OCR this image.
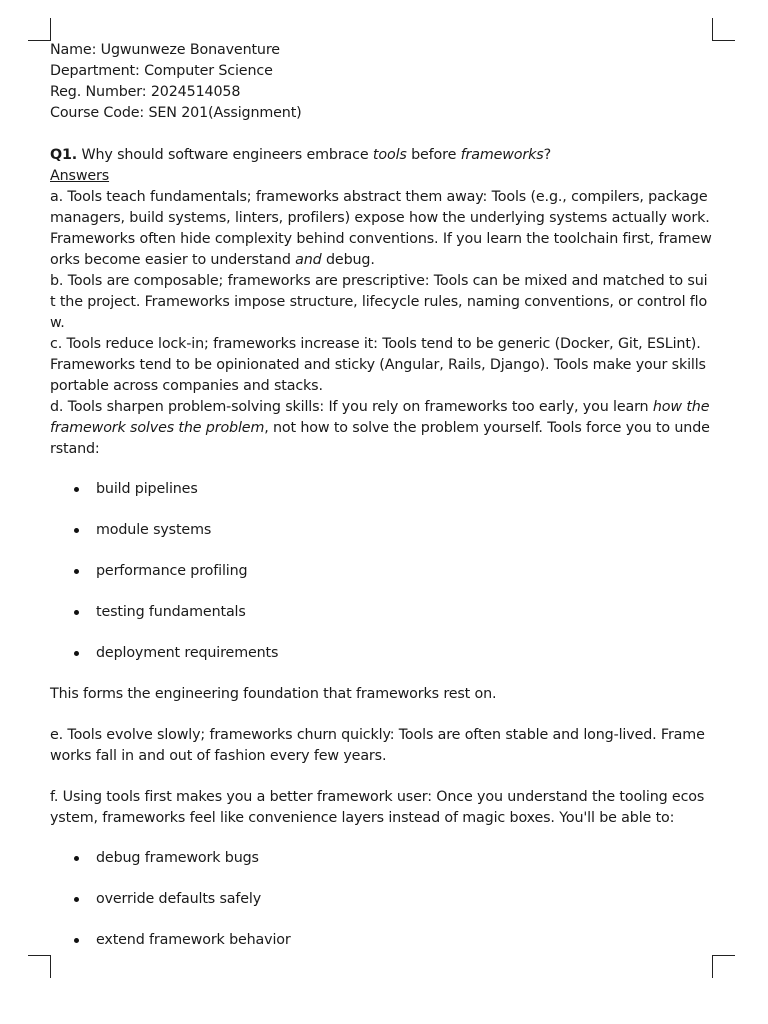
Name: Ugwunweze Bonaventure

Department: Computer Science

Reg. Number: 2024514058

Course Code: SEN 201(Assignment)

Q1. Why should software engineers embrace tools before frameworks?
Answers

a. Tools teach fundamentals; frameworks abstract them away: Tools (e.g., compilers, package managers, build systems, linters, profilers) expose how the underlying systems actually work. Frameworks often hide complexity behind conventions. If you learn the toolchain first, frameworks become easier to understand and debug.

b. Tools are composable; frameworks are prescriptive: Tools can be mixed and matched to suit the project. Frameworks impose structure, lifecycle rules, naming conventions, or control flow.

c. Tools reduce lock-in; frameworks increase it: Tools tend to be generic (Docker, Git, ESLint). Frameworks tend to be opinionated and sticky (Angular, Rails, Django). Tools make your skills portable across companies and stacks.

d. Tools sharpen problem-solving skills: If you rely on frameworks too early, you learn how the framework solves the problem, not how to solve the problem yourself. Tools force you to understand:

build pipelines
module systems
performance profiling
testing fundamentals
deployment requirements

This forms the engineering foundation that frameworks rest on.

e. Tools evolve slowly; frameworks churn quickly: Tools are often stable and long-lived. Frameworks fall in and out of fashion every few years.

f. Using tools first makes you a better framework user: Once you understand the tooling ecosystem, frameworks feel like convenience layers instead of magic boxes. You'll be able to:

debug framework bugs
override defaults safely
extend framework behavior
